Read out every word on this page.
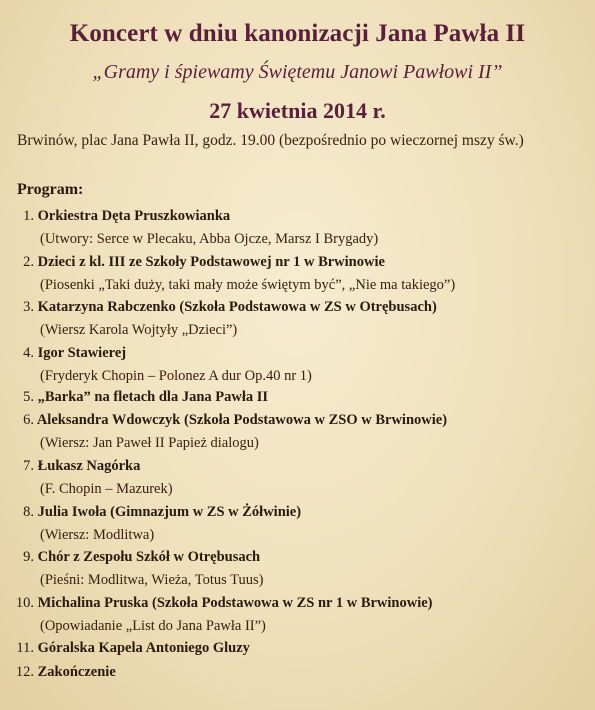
Koncert w dniu kanonizacji Jana Pawła II
„Gramy i śpiewamy Świętemu Janowi Pawłowi II”
27 kwietnia 2014 r.
Brwinów, plac Jana Pawła II, godz. 19.00 (bezpośrednio po wieczornej mszy św.)
Program:
1. Orkiestra Dęta Pruszkowianka
(Utwory: Serce w Plecaku, Abba Ojcze, Marsz I Brygady)
2. Dzieci z kl. III ze Szkoły Podstawowej nr 1 w Brwinowie
(Piosenki „Taki duży, taki mały może świętym być”, „Nie ma takiego”)
3. Katarzyna Rabczenko (Szkoła Podstawowa w ZS w Otrębusach)
(Wiersz Karola Wojtyły „Dzieci”)
4. Igor Stawierej
(Fryderyk Chopin – Polonez A dur Op.40 nr 1)
5. „Barka” na fletach dla Jana Pawła II
6. Aleksandra Wdowczyk (Szkoła Podstawowa w ZSO w Brwinowie)
(Wiersz: Jan Paweł II Papież dialogu)
7. Łukasz Nagórka
(F. Chopin – Mazurek)
8. Julia Iwoła (Gimnazjum w ZS w Żółwinie)
(Wiersz: Modlitwa)
9. Chór z Zespołu Szkół w Otrębusach
(Pieśni: Modlitwa, Wieża, Totus Tuus)
10. Michalina Pruska (Szkoła Podstawowa w ZS nr 1 w Brwinowie)
(Opowiadanie „List do Jana Pawła II”)
11. Góralska Kapela Antoniego Gluzy
12. Zakończenie
